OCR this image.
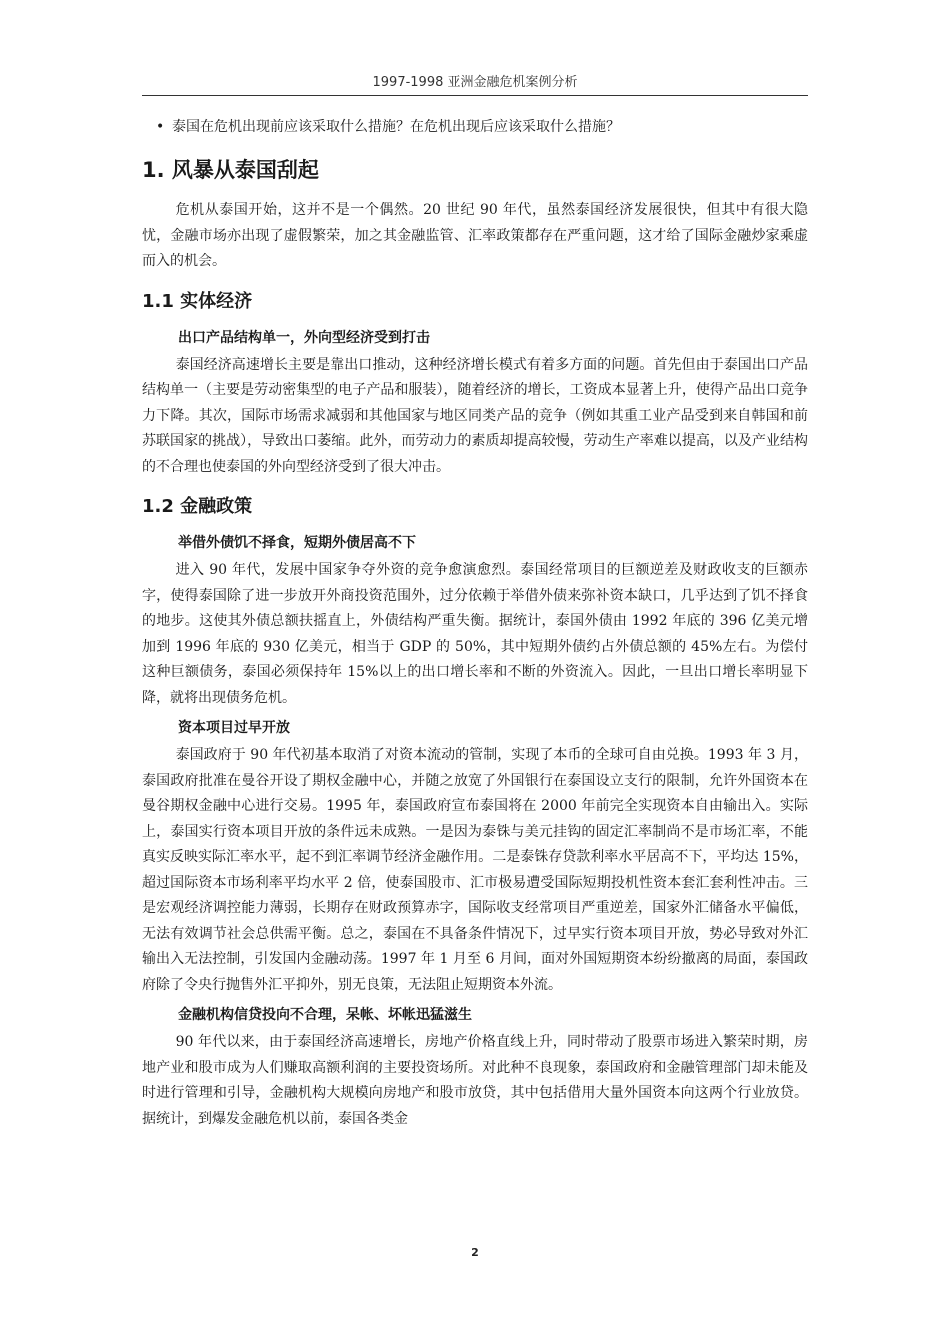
1997-1998 亚洲金融危机案例分析
• 泰国在危机出现前应该采取什么措施？在危机出现后应该采取什么措施？
1. 风暴从泰国刮起

危机从泰国开始，这并不是一个偶然。20 世纪 90 年代，虽然泰国经济发展很快，但其中有很大隐忧，金融市场亦出现了虚假繁荣，加之其金融监管、汇率政策都存在严重问题，这才给了国际金融炒家乘虚而入的机会。

1.1 实体经济
出口产品结构单一，外向型经济受到打击

泰国经济高速增长主要是靠出口推动，这种经济增长模式有着多方面的问题。首先但由于泰国出口产品结构单一（主要是劳动密集型的电子产品和服装），随着经济的增长，工资成本显著上升，使得产品出口竞争力下降。其次，国际市场需求减弱和其他国家与地区同类产品的竞争（例如其重工业产品受到来自韩国和前苏联国家的挑战），导致出口萎缩。此外，而劳动力的素质却提高较慢，劳动生产率难以提高，以及产业结构的不合理也使泰国的外向型经济受到了很大冲击。

1.2 金融政策
举借外债饥不择食，短期外债居高不下

进入 90 年代，发展中国家争夺外资的竞争愈演愈烈。泰国经常项目的巨额逆差及财政收支的巨额赤字，使得泰国除了进一步放开外商投资范围外，过分依赖于举借外债来弥补资本缺口，几乎达到了饥不择食的地步。这使其外债总额扶摇直上，外债结构严重失衡。据统计，泰国外债由 1992 年底的 396 亿美元增加到 1996 年底的 930 亿美元，相当于 GDP 的 50%，其中短期外债约占外债总额的 45%左右。为偿付这种巨额债务，泰国必须保持年 15%以上的出口增长率和不断的外资流入。因此，一旦出口增长率明显下降，就将出现债务危机。

资本项目过早开放

泰国政府于 90 年代初基本取消了对资本流动的管制，实现了本币的全球可自由兑换。1993 年 3 月，泰国政府批准在曼谷开设了期权金融中心，并随之放宽了外国银行在泰国设立支行的限制，允许外国资本在曼谷期权金融中心进行交易。1995 年，泰国政府宣布泰国将在 2000 年前完全实现资本自由输出入。实际上，泰国实行资本项目开放的条件远未成熟。一是因为泰铢与美元挂钩的固定汇率制尚不是市场汇率，不能真实反映实际汇率水平，起不到汇率调节经济金融作用。二是泰铢存贷款利率水平居高不下，平均达 15%，超过国际资本市场利率平均水平 2 倍，使泰国股市、汇市极易遭受国际短期投机性资本套汇套利性冲击。三是宏观经济调控能力薄弱，长期存在财政预算赤字，国际收支经常项目严重逆差，国家外汇储备水平偏低，无法有效调节社会总供需平衡。总之，泰国在不具备条件情况下，过早实行资本项目开放，势必导致对外汇输出入无法控制，引发国内金融动荡。1997 年 1 月至 6 月间，面对外国短期资本纷纷撤离的局面，泰国政府除了令央行抛售外汇平抑外，别无良策，无法阻止短期资本外流。

金融机构信贷投向不合理，呆帐、坏帐迅猛滋生

90 年代以来，由于泰国经济高速增长，房地产价格直线上升，同时带动了股票市场进入繁荣时期，房地产业和股市成为人们赚取高额利润的主要投资场所。对此种不良现象，泰国政府和金融管理部门却未能及时进行管理和引导，金融机构大规模向房地产和股市放贷，其中包括借用大量外国资本向这两个行业放贷。据统计，到爆发金融危机以前，泰国各类金

2
